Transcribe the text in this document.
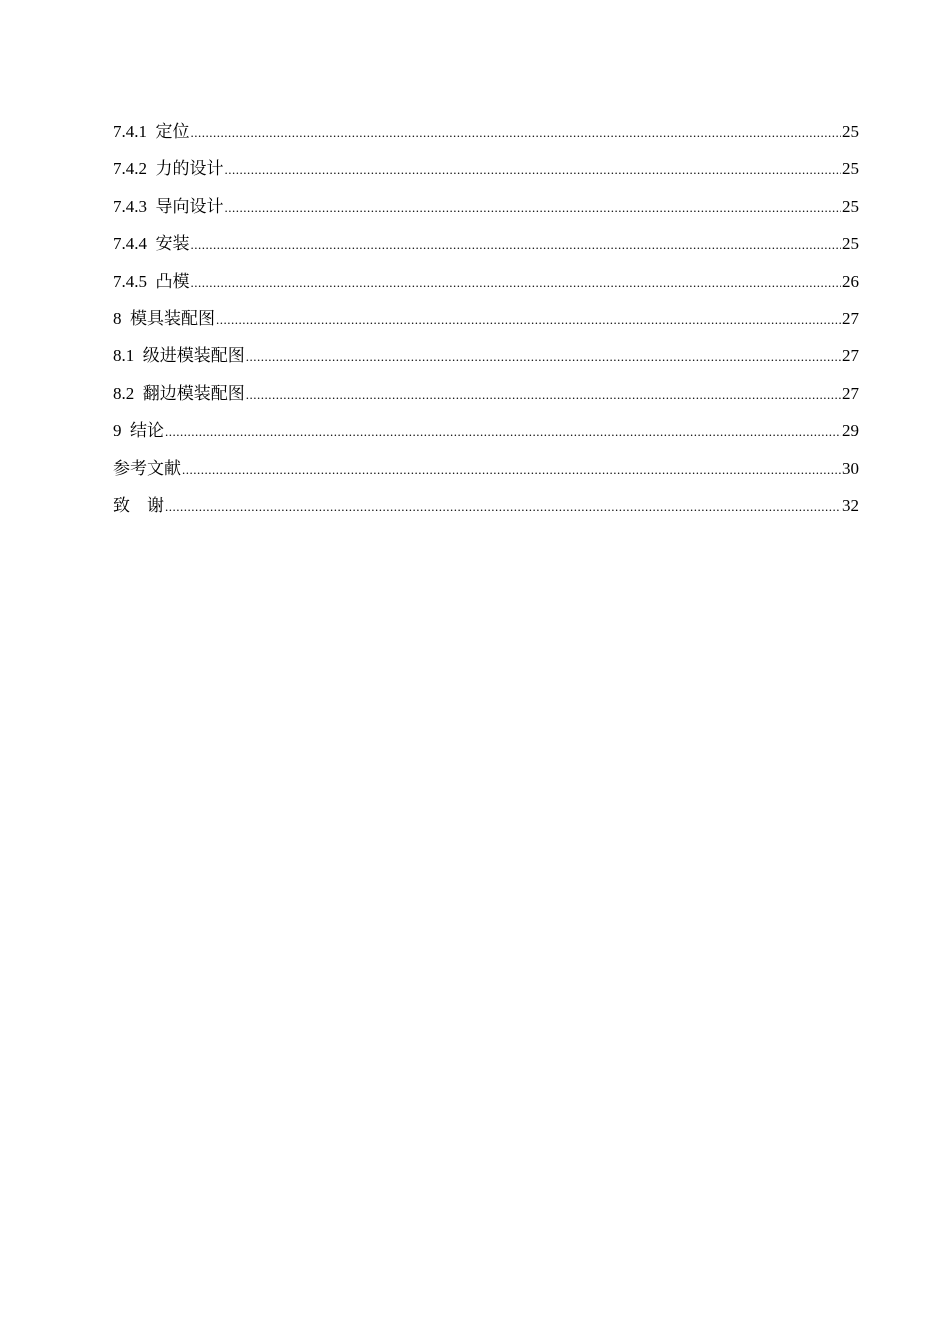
7.4.1  定位 .....	25
7.4.2  力的设计 .....	25
7.4.3  导向设计 .....	25
7.4.4  安装 .....	25
7.4.5  凸模 .....	26
8  模具装配图 .....	27
8.1  级进模装配图 .....	27
8.2  翻边模装配图 .....	27
9  结论 .....	29
参考文献 .....	30
致    谢 .....	32
